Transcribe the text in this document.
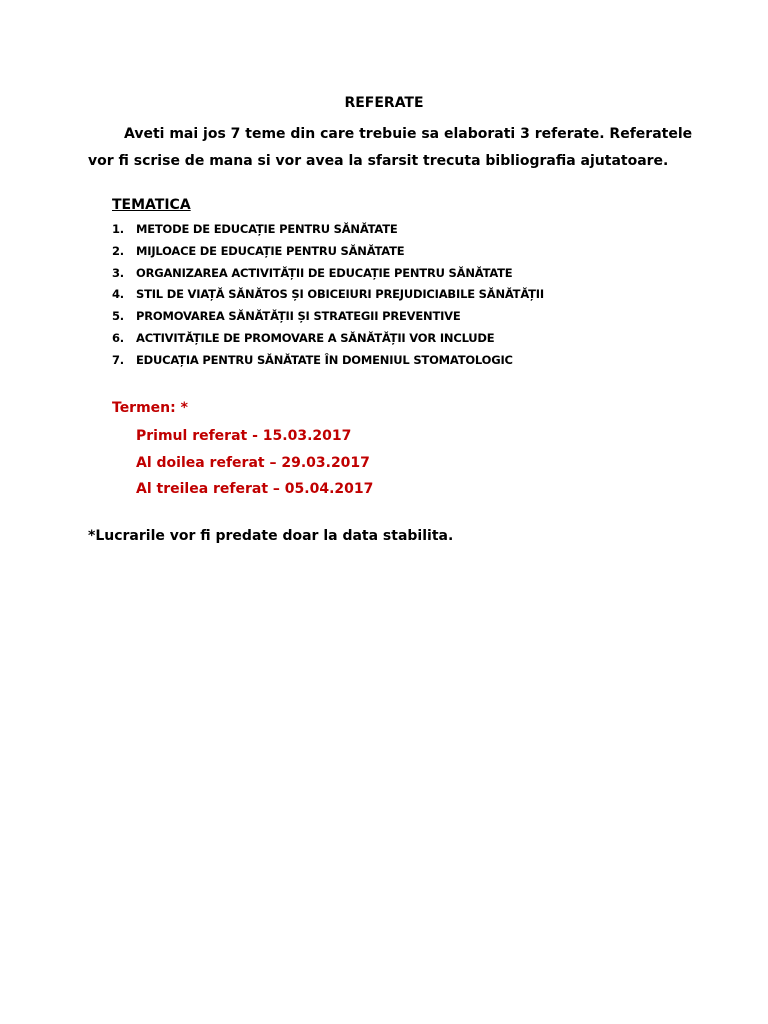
REFERATE
Aveti mai jos 7 teme din care trebuie sa elaborati 3 referate. Referatele vor fi scrise de mana si vor avea la sfarsit trecuta bibliografia ajutatoare.
TEMATICA
1. METODE DE EDUCAȚIE PENTRU SĂNĂTATE
2. MIJLOACE DE EDUCAȚIE PENTRU SĂNĂTATE
3. ORGANIZAREA ACTIVITĂȚII DE EDUCAȚIE PENTRU SĂNĂTATE
4. STIL DE VIAȚĂ SĂNĂTOS ȘI OBICEIURI PREJUDICIABILE SĂNĂTĂȚII
5. PROMOVAREA SĂNĂTĂȚII ȘI STRATEGII PREVENTIVE
6. ACTIVITĂȚILE DE PROMOVARE A SĂNĂTĂȚII VOR INCLUDE
7. EDUCAȚIA PENTRU SĂNĂTATE ÎN DOMENIUL STOMATOLOGIC
Termen: *
Primul referat - 15.03.2017
Al doilea referat – 29.03.2017
Al treilea referat – 05.04.2017
*Lucrarile vor fi predate doar la data stabilita.
